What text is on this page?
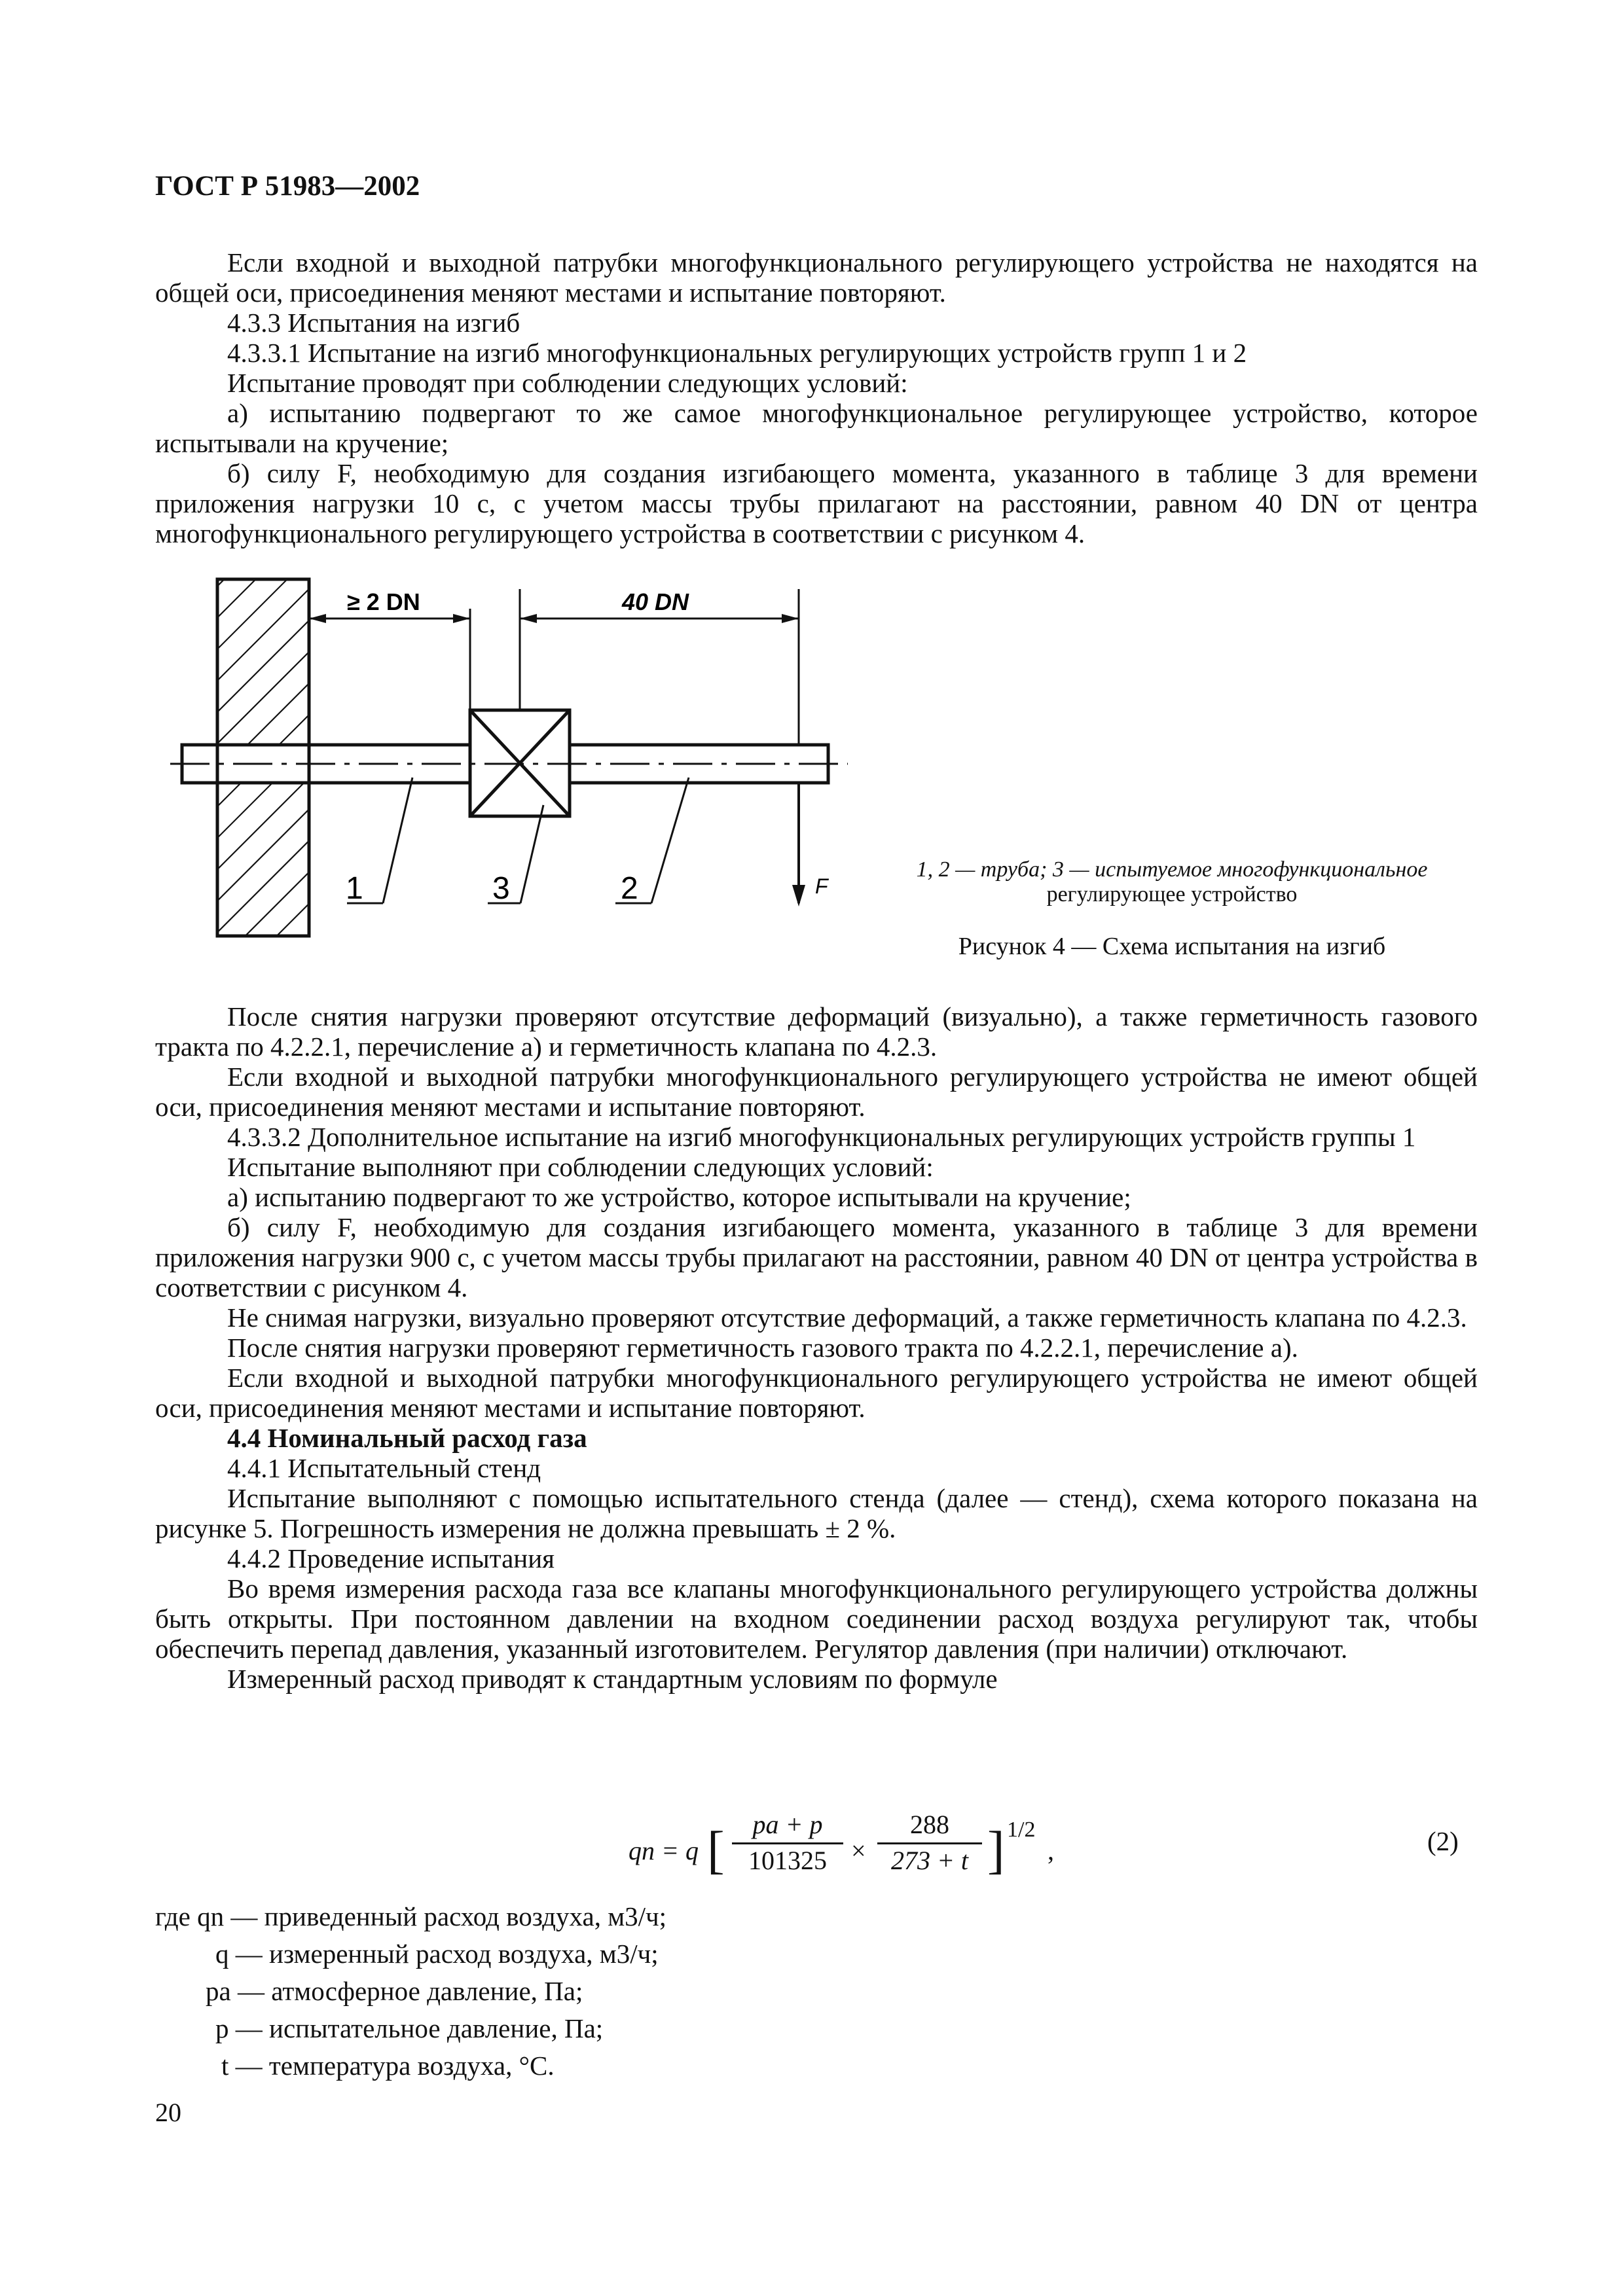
ГОСТ Р 51983—2002

Если входной и выходной патрубки многофункционального регулирующего устройства не находятся на общей оси, присоединения меняют местами и испытание повторяют.

4.3.3 Испытания на изгиб

4.3.3.1 Испытание на изгиб многофункциональных регулирующих устройств групп 1 и 2

Испытание проводят при соблюдении следующих условий:

а) испытанию подвергают то же самое многофункциональное регулирующее устройство, которое испытывали на кручение;

б) силу F, необходимую для создания изгибающего момента, указанного в таблице 3 для времени приложения нагрузки 10 с, с учетом массы трубы прилагают на расстоянии, равном 40 DN от центра многофункционального регулирующего устройства в соответствии с рисунком 4.

≥ 2 DN	40 DN
F
1	3	2
1, 2 — труба; 3 — испытуемое многофункциональное
регулирующее устройство
Рисунок 4 — Схема испытания на изгиб

После снятия нагрузки проверяют отсутствие деформаций (визуально), а также герметичность газового тракта по 4.2.2.1, перечисление а) и герметичность клапана по 4.2.3.

Если входной и выходной патрубки многофункционального регулирующего устройства не имеют общей оси, присоединения меняют местами и испытание повторяют.

4.3.3.2 Дополнительное испытание на изгиб многофункциональных регулирующих устройств группы 1

Испытание выполняют при соблюдении следующих условий:

а) испытанию подвергают то же устройство, которое испытывали на кручение;

б) силу F, необходимую для создания изгибающего момента, указанного в таблице 3 для времени приложения нагрузки 900 с, с учетом массы трубы прилагают на расстоянии, равном 40 DN от центра устройства в соответствии с рисунком 4.

Не снимая нагрузки, визуально проверяют отсутствие деформаций, а также герметичность клапана по 4.2.3.

После снятия нагрузки проверяют герметичность газового тракта по 4.2.2.1, перечисление а).

Если входной и выходной патрубки многофункционального регулирующего устройства не имеют общей оси, присоединения меняют местами и испытание повторяют.

4.4 Номинальный расход газа

4.4.1 Испытательный стенд

Испытание выполняют с помощью испытательного стенда (далее — стенд), схема которого показана на рисунке 5. Погрешность измерения не должна превышать ± 2 %.

4.4.2 Проведение испытания

Во время измерения расхода газа все клапаны многофункционального регулирующего устройства должны быть открыты. При постоянном давлении на входном соединении расход воздуха регулируют так, чтобы обеспечить перепад давления, указанный изготовителем. Регулятор давления (при наличии) отключают.

Измеренный расход приводят к стандартным условиям по формуле

qn = q [	pa + p
101325 ×
288
273 + t ] 1/2
,	(2)
где qn — приведенный расход воздуха, м3/ч;
q — измеренный расход воздуха, м3/ч;
pa — атмосферное давление, Па;
p — испытательное давление, Па;
t — температура воздуха, °С.
20
